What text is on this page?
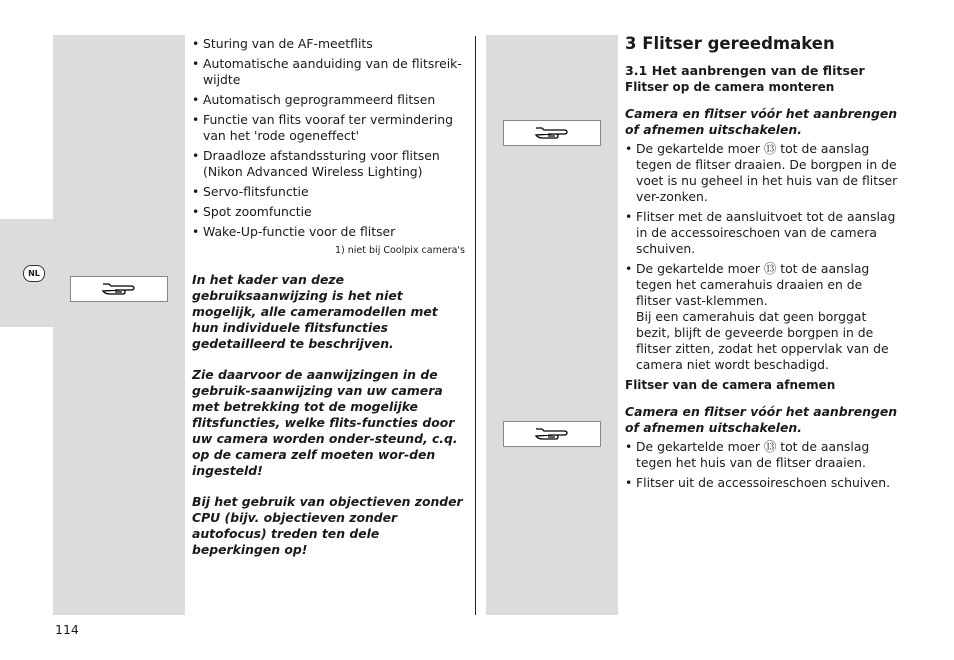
NL
• Sturing van de AF-meetflits
• Automatische aanduiding van de flitsreik-wijdte
• Automatisch geprogrammeerd flitsen
• Functie van flits vooraf ter vermindering van het 'rode ogeneffect'
• Draadloze afstandssturing voor flitsen (Nikon Advanced Wireless Lighting)
• Servo-flitsfunctie
• Spot zoomfunctie
• Wake-Up-functie voor de flitser
1) niet bij Coolpix camera's

In het kader van deze gebruiksaanwijzing is het niet mogelijk, alle cameramodellen met hun individuele flitsfuncties gedetailleerd te beschrijven.

Zie daarvoor de aanwijzingen in de gebruik-saanwijzing van uw camera met betrekking tot de mogelijke flitsfuncties, welke flits-functies door uw camera worden onder-steund, c.q. op de camera zelf moeten wor-den ingesteld!

Bij het gebruik van objectieven zonder CPU (bijv. objectieven zonder autofocus) treden ten dele beperkingen op!

3 Flitser gereedmaken
3.1 Het aanbrengen van de flitser
Flitser op de camera monteren

Camera en flitser vóór het aanbrengen of afnemen uitschakelen.

• De gekartelde moer ⑬ tot de aanslag tegen de flitser draaien. De borgpen in de voet is nu geheel in het huis van de flitser ver-zonken.
• Flitser met de aansluitvoet tot de aanslag in de accessoireschoen van de camera schuiven.
• De gekartelde moer ⑬ tot de aanslag tegen het camerahuis draaien en de flitser vast-klemmen.

Bij een camerahuis dat geen borggat bezit, blijft de geveerde borgpen in de flitser zitten, zodat het oppervlak van de camera niet wordt beschadigd.

Flitser van de camera afnemen

Camera en flitser vóór het aanbrengen of afnemen uitschakelen.

• De gekartelde moer ⑬ tot de aanslag tegen het huis van de flitser draaien.
• Flitser uit de accessoireschoen schuiven.
114
